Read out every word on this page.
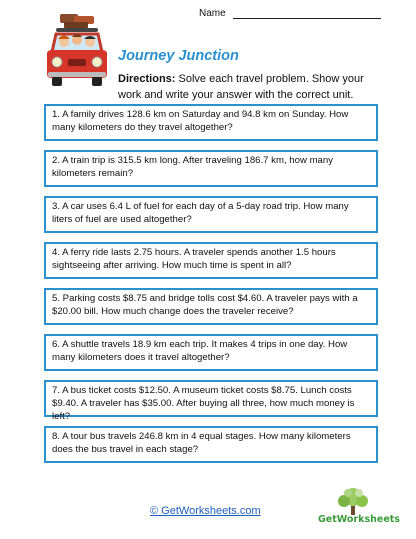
Name
Journey Junction
Directions: Solve each travel problem. Show your work and write your answer with the correct unit.
1. A family drives 128.6 km on Saturday and 94.8 km on Sunday. How many kilometers do they travel altogether?
2. A train trip is 315.5 km long. After traveling 186.7 km, how many kilometers remain?
3. A car uses 6.4 L of fuel for each day of a 5-day road trip. How many liters of fuel are used altogether?
4. A ferry ride lasts 2.75 hours. A traveler spends another 1.5 hours sightseeing after arriving. How much time is spent in all?
5. Parking costs $8.75 and bridge tolls cost $4.60. A traveler pays with a $20.00 bill. How much change does the traveler receive?
6. A shuttle travels 18.9 km each trip. It makes 4 trips in one day. How many kilometers does it travel altogether?
7. A bus ticket costs $12.50. A museum ticket costs $8.75. Lunch costs $9.40. A traveler has $35.00. After buying all three, how much money is left?
8. A tour bus travels 246.8 km in 4 equal stages. How many kilometers does the bus travel in each stage?
© GetWorksheets.com
GetWorksheets
